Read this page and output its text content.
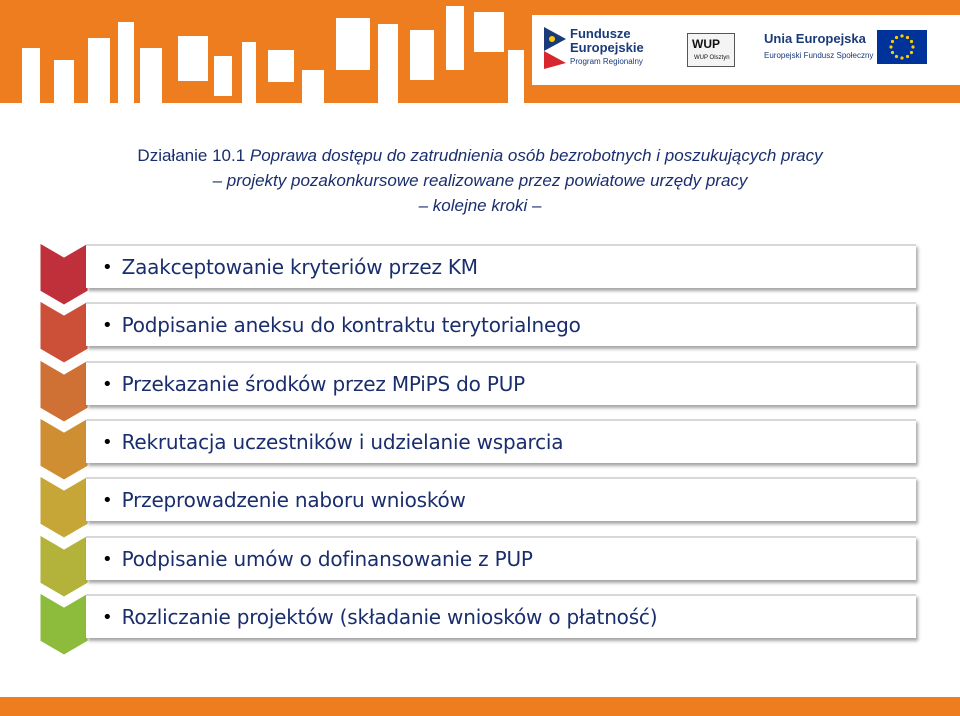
Fundusze
Europejskie
Program Regionalny
WUP
WUP Olsztyn
Unia Europejska
Europejski Fundusz Społeczny
Działanie 10.1 Poprawa dostępu do zatrudnienia osób bezrobotnych i poszukujących pracy
– projekty pozakonkursowe realizowane przez powiatowe urzędy pracy
– kolejne kroki –
• Zaakceptowanie kryteriów przez KM
• Podpisanie aneksu do kontraktu terytorialnego
• Przekazanie środków przez MPiPS do PUP
• Rekrutacja uczestników i udzielanie wsparcia
• Przeprowadzenie naboru wniosków
• Podpisanie umów o dofinansowanie z PUP
• Rozliczanie projektów (składanie wniosków o płatność)
